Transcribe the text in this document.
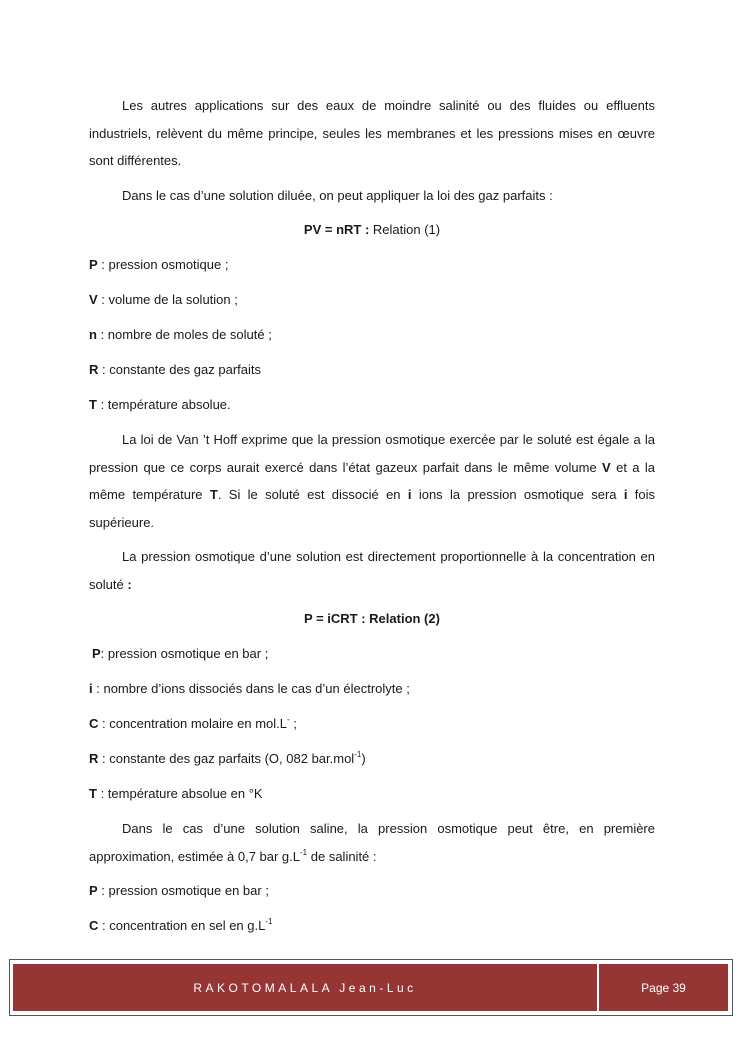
Les autres applications sur des eaux de moindre salinité ou des fluides ou effluents industriels, relèvent du même principe, seules les membranes et les pressions mises en œuvre sont différentes.

Dans le cas d’une solution diluée, on peut appliquer la loi des gaz parfaits :

PV = nRT : Relation (1)

P : pression osmotique ;

V : volume de la solution ;

n : nombre de moles de soluté ;

R : constante des gaz parfaits

T : température absolue.

La loi de Van ’t Hoff exprime que la pression osmotique exercée par le soluté est égale a la pression que ce corps aurait exercé dans l’état gazeux parfait dans le même volume V et a la même température T. Si le soluté est dissocié en i ions la pression osmotique sera i fois supérieure.

La pression osmotique d’une solution est directement proportionnelle à la concentration en soluté :

P = iCRT : Relation (2)

P: pression osmotique en bar ;

i : nombre d’ions dissociés dans le cas d’un électrolyte ;

C : concentration molaire en mol.L- ;

R : constante des gaz parfaits (O, 082 bar.mol$^{-1}$)

T : température absolue en °K

Dans le cas d’une solution saline, la pression osmotique peut être, en première approximation, estimée à 0,7 bar $g.L^{-1}$ de salinité :

P : pression osmotique en bar ;

C : concentration en sel en $g.L^{-1}$

RAKOTOMALALA Jean-Luc	Page 39
